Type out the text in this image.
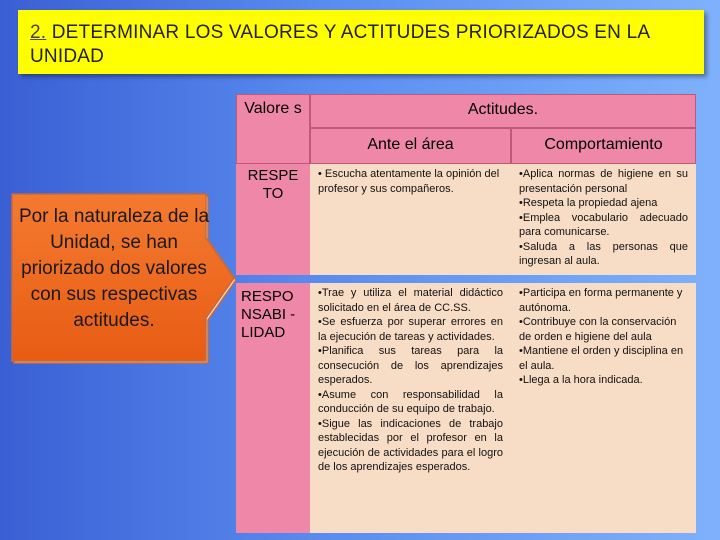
2. DETERMINAR LOS VALORES Y ACTITUDES PRIORIZADOS EN LA UNIDAD
Por la naturaleza de la Unidad, se han priorizado dos valores con sus respectivas actitudes.
Valore s	Actitudes.
Ante el área	Comportamiento
RESPE TO

• Escucha atentamente la opinión del profesor y sus compañeros.

•Aplica normas de higiene en su presentación personal

•Respeta la propiedad ajena

•Emplea vocabulario adecuado para comunicarse.

•Saluda a las personas que ingresan al aula.

RESPO NSABI - LIDAD

•Trae y utiliza el material didáctico solicitado en el área de CC.SS.

•Se esfuerza por superar errores en la ejecución de tareas y actividades.

•Planifica sus tareas para la consecución de los aprendizajes esperados.

•Asume con responsabilidad la conducción de su equipo de trabajo.

•Sigue las indicaciones de trabajo establecidas por el profesor en la ejecución de actividades para el logro de los aprendizajes esperados.

•Participa en forma permanente y autónoma.

•Contribuye con la conservación de orden e higiene del aula

•Mantiene el orden y disciplina en el aula.

•Llega a la hora indicada.
